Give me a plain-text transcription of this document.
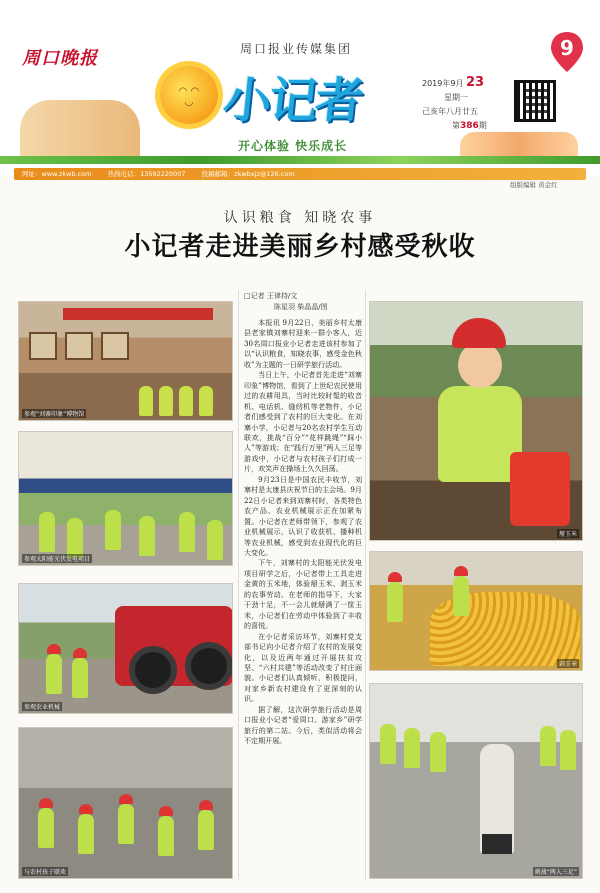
周口晚报	周口报业传媒集团
◠ ◠
◡ 小记者
开心体验 快乐成长
2019年9月 23
星期一
己亥年八月廿五
第386期
9
网址：www.zkwb.com 热线电话：13592220007 投稿邮箱：zkwbxjz@126.com
组版编辑 黄金红
认识粮食 知晓农事
小记者走进美丽乡村感受秋收
参观“刘寨印象”博物馆
参观太阳能光伏发电项目
参观农业机械
与农村孩子联欢
□记者 王律持/文
陈星羽 柴晶晶/图

本报讯 9月22日，美丽乡村太康县老家镇刘寨村迎来一群小客人，近30名周口报业小记者走进该村参加了以“认识粮食，知晓农事，感受金色秋收”为主题的一日研学旅行活动。

当日上午，小记者首先走进“刘寨印象”博物馆，看到了上世纪农民使用过的农耕用具，当时比较时髦的收音机、电话机、缝纫机等老物件，小记者们感受到了农村的巨大变化。在刘寨小学，小记者与20名农村学生互动联欢，挑战“百分”“花样跳绳”“踩小人”等游戏；在“践行万里”两人三足等游戏中，小记者与农村孩子们打成一片，欢笑声在操场上久久回荡。

9月23日是中国农民丰收节，刘寨村是太康县庆祝节日的主会场。9月22日小记者来到刘寨村时，各类特色农产品、农业机械展示正在加紧布置。小记者在老师带领下，参观了农业机械展示，认识了收获机、播种机等农业机械，感受到农业现代化的巨大变化。

下午，刘寨村的太阳能光伏发电项目研学之后，小记者带上工具走进金黄的玉米地，体验掰玉米、剥玉米的农事劳动。在老师的指导下，大家干劲十足，不一会儿就掰满了一筐玉米，小记者们在劳动中体验到了丰收的喜悦。

在小记者采访环节，刘寨村党支部书记向小记者介绍了农村的发展变化，以及近两年通过开展扶贫攻坚、“六村共建”等活动改变了村庄面貌。小记者们认真倾听，积极提问，对家乡新农村建设有了更深刻的认识。

据了解，这次研学旅行活动是周口报业小记者“爱周口、游家乡”研学旅行的第二站。今后，类似活动将会不定期开展。

掰玉米
剥玉米
挑战“两人三足”
